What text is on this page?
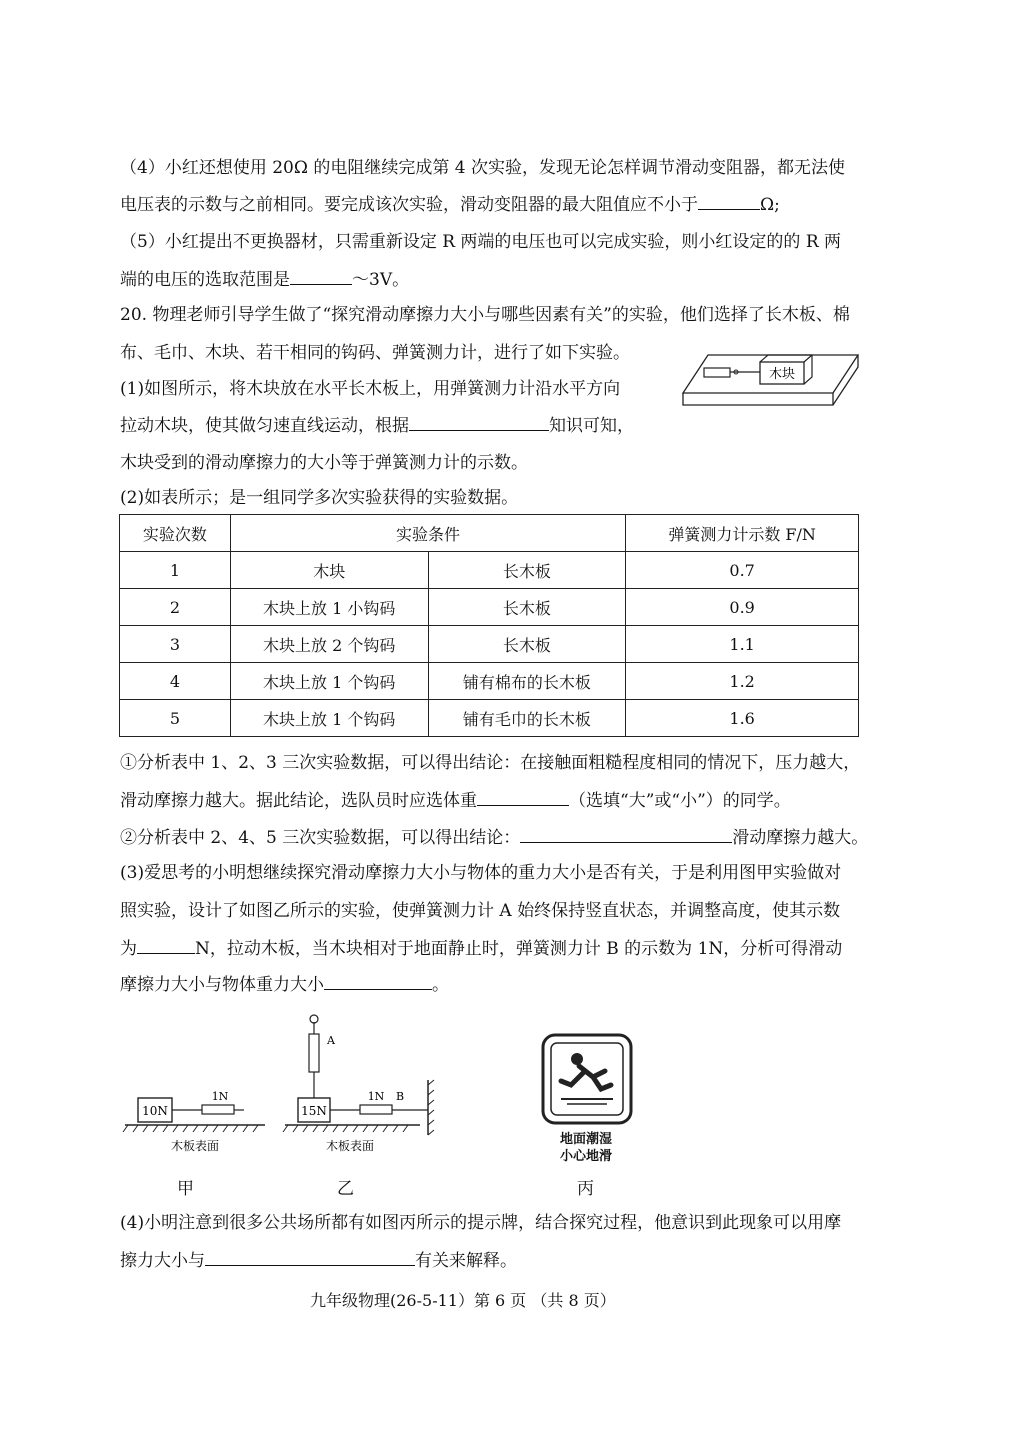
（4）小红还想使用 20Ω 的电阻继续完成第 4 次实验，发现无论怎样调节滑动变阻器，都无法使
电压表的示数与之前相同。要完成该次实验，滑动变阻器的最大阻值应不小于	Ω;
（5）小红提出不更换器材，只需重新设定 R 两端的电压也可以完成实验，则小红设定的的 R 两
端的电压的选取范围是	～3V。
20. 物理老师引导学生做了“探究滑动摩擦力大小与哪些因素有关”的实验，他们选择了长木板、棉
布、毛巾、木块、若干相同的钩码、弹簧测力计，进行了如下实验。
(1)如图所示，将木块放在水平长木板上，用弹簧测力计沿水平方向
拉动木块，使其做匀速直线运动，根据	知识可知，
木块受到的滑动摩擦力的大小等于弹簧测力计的示数。
木块
(2)如表所示；是一组同学多次实验获得的实验数据。
实验次数	实验条件		弹簧测力计示数 F/N
1	木块	长木板	0.7
2	木块上放 1 小钩码	长木板	0.9
3	木块上放 2 个钩码	长木板	1.1
4	木块上放 1 个钩码	铺有棉布的长木板	1.2
5	木块上放 1 个钩码	铺有毛巾的长木板	1.6
①分析表中 1、2、3 三次实验数据，可以得出结论：在接触面粗糙程度相同的情况下，压力越大，
滑动摩擦力越大。据此结论，选队员时应选体重	（选填“大”或“小”）的同学。
②分析表中 2、4、5 三次实验数据，可以得出结论：	滑动摩擦力越大。
(3)爱思考的小明想继续探究滑动摩擦力大小与物体的重力大小是否有关，于是利用图甲实验做对
照实验，设计了如图乙所示的实验，使弹簧测力计 A 始终保持竖直状态，并调整高度，使其示数
为	N，拉动木板，当木块相对于地面静止时，弹簧测力计 B 的示数为 1N，分析可得滑动
摩擦力大小与物体重力大小	。
10N
1N
木板表面
甲
15N
1N B
A
木板表面
乙
地面潮湿
小心地滑
丙
(4)小明注意到很多公共场所都有如图丙所示的提示牌，结合探究过程，他意识到此现象可以用摩
擦力大小与	有关来解释。
九年级物理(26-5-11）第 6 页 （共 8 页）
